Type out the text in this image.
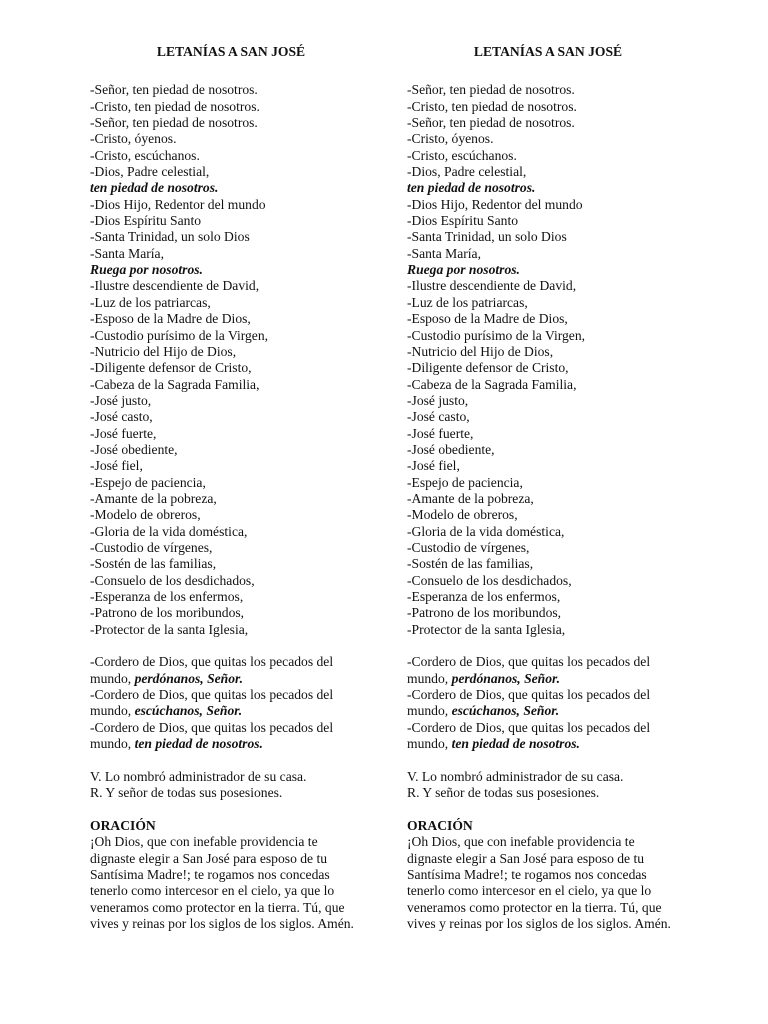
LETANÍAS A SAN JOSÉ
-Señor, ten piedad de nosotros.
-Cristo, ten piedad de nosotros.
-Señor, ten piedad de nosotros.
-Cristo, óyenos.
-Cristo, escúchanos.
-Dios, Padre celestial,
ten piedad de nosotros.
-Dios Hijo, Redentor del mundo
-Dios Espíritu Santo
-Santa Trinidad, un solo Dios
-Santa María,
Ruega por nosotros.
-Ilustre descendiente de David,
-Luz de los patriarcas,
-Esposo de la Madre de Dios,
-Custodio purísimo de la Virgen,
-Nutricio del Hijo de Dios,
-Diligente defensor de Cristo,
-Cabeza de la Sagrada Familia,
-José justo,
-José casto,
-José fuerte,
-José obediente,
-José fiel,
-Espejo de paciencia,
-Amante de la pobreza,
-Modelo de obreros,
-Gloria de la vida doméstica,
-Custodio de vírgenes,
-Sostén de las familias,
-Consuelo de los desdichados,
-Esperanza de los enfermos,
-Patrono de los moribundos,
-Protector de la santa Iglesia,
-Cordero de Dios, que quitas los pecados del
mundo, perdónanos, Señor.
-Cordero de Dios, que quitas los pecados del
mundo, escúchanos, Señor.
-Cordero de Dios, que quitas los pecados del
mundo, ten piedad de nosotros.
V. Lo nombró administrador de su casa.
R. Y señor de todas sus posesiones.
ORACIÓN
¡Oh Dios, que con inefable providencia te
dignaste elegir a San José para esposo de tu
Santísima Madre!; te rogamos nos concedas
tenerlo como intercesor en el cielo, ya que lo
veneramos como protector en la tierra. Tú, que
vives y reinas por los siglos de los siglos. Amén.
LETANÍAS A SAN JOSÉ
-Señor, ten piedad de nosotros.
-Cristo, ten piedad de nosotros.
-Señor, ten piedad de nosotros.
-Cristo, óyenos.
-Cristo, escúchanos.
-Dios, Padre celestial,
ten piedad de nosotros.
-Dios Hijo, Redentor del mundo
-Dios Espíritu Santo
-Santa Trinidad, un solo Dios
-Santa María,
Ruega por nosotros.
-Ilustre descendiente de David,
-Luz de los patriarcas,
-Esposo de la Madre de Dios,
-Custodio purísimo de la Virgen,
-Nutricio del Hijo de Dios,
-Diligente defensor de Cristo,
-Cabeza de la Sagrada Familia,
-José justo,
-José casto,
-José fuerte,
-José obediente,
-José fiel,
-Espejo de paciencia,
-Amante de la pobreza,
-Modelo de obreros,
-Gloria de la vida doméstica,
-Custodio de vírgenes,
-Sostén de las familias,
-Consuelo de los desdichados,
-Esperanza de los enfermos,
-Patrono de los moribundos,
-Protector de la santa Iglesia,
-Cordero de Dios, que quitas los pecados del
mundo, perdónanos, Señor.
-Cordero de Dios, que quitas los pecados del
mundo, escúchanos, Señor.
-Cordero de Dios, que quitas los pecados del
mundo, ten piedad de nosotros.
V. Lo nombró administrador de su casa.
R. Y señor de todas sus posesiones.
ORACIÓN
¡Oh Dios, que con inefable providencia te
dignaste elegir a San José para esposo de tu
Santísima Madre!; te rogamos nos concedas
tenerlo como intercesor en el cielo, ya que lo
veneramos como protector en la tierra. Tú, que
vives y reinas por los siglos de los siglos. Amén.
